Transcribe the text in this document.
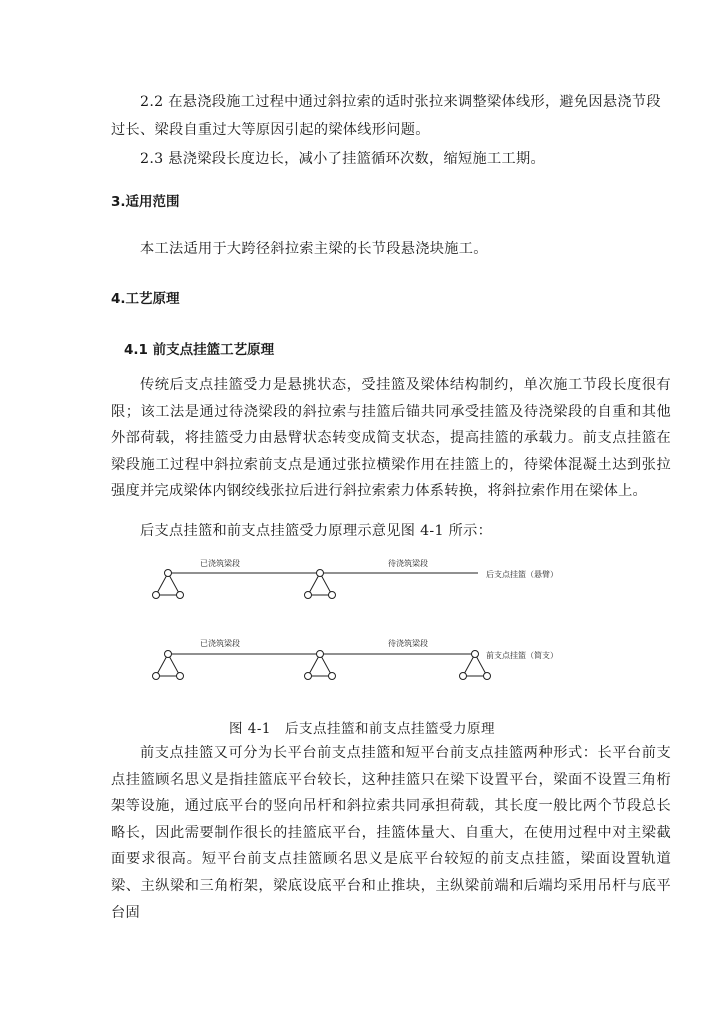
2.2 在悬浇段施工过程中通过斜拉索的适时张拉来调整梁体线形，避免因悬浇节段
过长、梁段自重过大等原因引起的梁体线形问题。
2.3 悬浇梁段长度边长，减小了挂篮循环次数，缩短施工工期。
3.适用范围
本工法适用于大跨径斜拉索主梁的长节段悬浇块施工。
4.工艺原理
4.1 前支点挂篮工艺原理
传统后支点挂篮受力是悬挑状态，受挂篮及梁体结构制约，单次施工节段长度很有限；该工法是通过待浇梁段的斜拉索与挂篮后锚共同承受挂篮及待浇梁段的自重和其他外部荷载，将挂篮受力由悬臂状态转变成简支状态，提高挂篮的承载力。前支点挂篮在梁段施工过程中斜拉索前支点是通过张拉横梁作用在挂篮上的，待梁体混凝土达到张拉强度并完成梁体内钢绞线张拉后进行斜拉索索力体系转换，将斜拉索作用在梁体上。
后支点挂篮和前支点挂篮受力原理示意见图 4-1 所示：
已浇筑梁段	待浇筑梁段
后支点挂篮（悬臂）
已浇筑梁段	待浇筑梁段
前支点挂篮（简支）
图 4-1　后支点挂篮和前支点挂篮受力原理
前支点挂篮又可分为长平台前支点挂篮和短平台前支点挂篮两种形式：长平台前支点挂篮顾名思义是指挂篮底平台较长，这种挂篮只在梁下设置平台，梁面不设置三角桁架等设施，通过底平台的竖向吊杆和斜拉索共同承担荷载，其长度一般比两个节段总长略长，因此需要制作很长的挂篮底平台，挂篮体量大、自重大，在使用过程中对主梁截面要求很高。短平台前支点挂篮顾名思义是底平台较短的前支点挂篮，梁面设置轨道梁、主纵梁和三角桁架，梁底设底平台和止推块，主纵梁前端和后端均采用吊杆与底平台固
